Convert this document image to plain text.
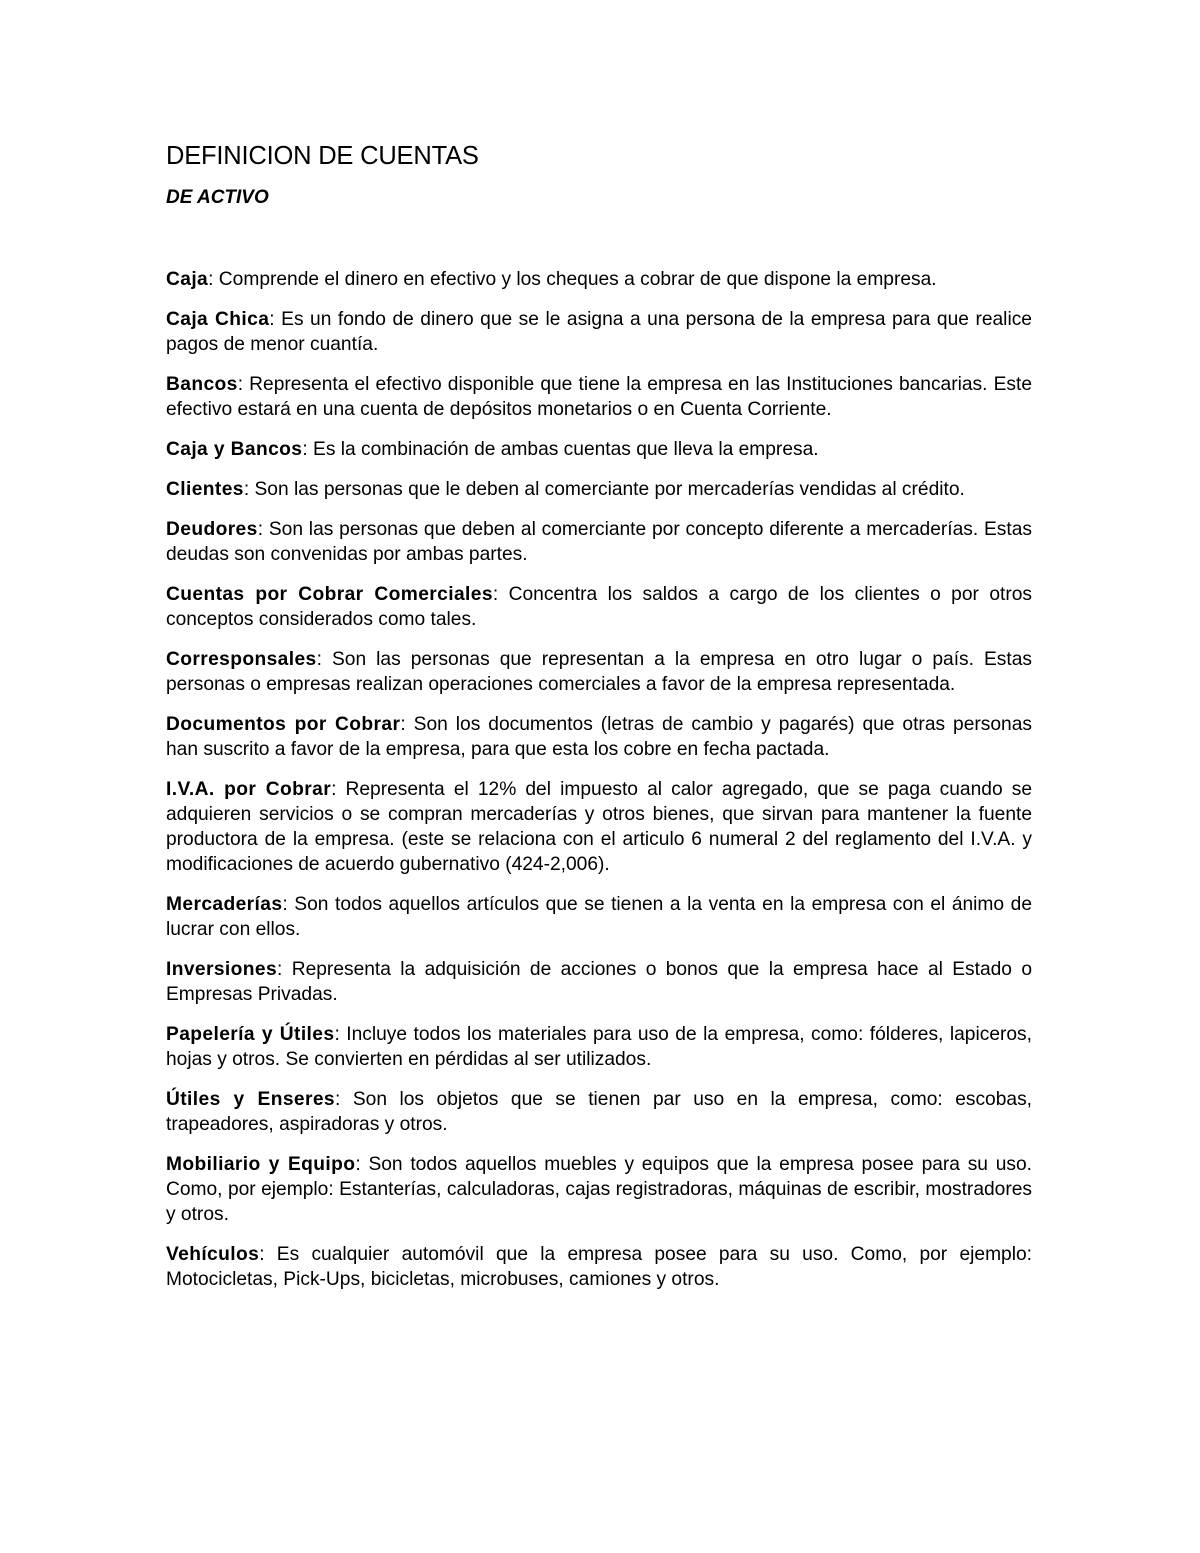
DEFINICION DE CUENTAS
DE ACTIVO

Caja: Comprende el dinero en efectivo y los cheques a cobrar de que dispone la empresa.

Caja Chica: Es un fondo de dinero que se le asigna a una persona de la empresa para que realice pagos de menor cuantía.

Bancos: Representa el efectivo disponible que tiene la empresa en las Instituciones bancarias. Este efectivo estará en una cuenta de depósitos monetarios o en Cuenta Corriente.

Caja y Bancos: Es la combinación de ambas cuentas que lleva la empresa.

Clientes: Son las personas que le deben al comerciante por mercaderías vendidas al crédito.

Deudores: Son las personas que deben al comerciante por concepto diferente a mercaderías. Estas deudas son convenidas por ambas partes.

Cuentas por Cobrar Comerciales: Concentra los saldos a cargo de los clientes o por otros conceptos considerados como tales.

Corresponsales: Son las personas que representan a la empresa en otro lugar o país. Estas personas o empresas realizan operaciones comerciales a favor de la empresa representada.

Documentos por Cobrar: Son los documentos (letras de cambio y pagarés) que otras personas han suscrito a favor de la empresa, para que esta los cobre en fecha pactada.

I.V.A. por Cobrar: Representa el 12% del impuesto al calor agregado, que se paga cuando se adquieren servicios o se compran mercaderías y otros bienes, que sirvan para mantener la fuente productora de la empresa. (este se relaciona con el articulo 6 numeral 2 del reglamento del I.V.A. y modificaciones de acuerdo gubernativo (424-2,006).

Mercaderías: Son todos aquellos artículos que se tienen a la venta en la empresa con el ánimo de lucrar con ellos.

Inversiones: Representa la adquisición de acciones o bonos que la empresa hace al Estado o Empresas Privadas.

Papelería y Útiles: Incluye todos los materiales para uso de la empresa, como: fólderes, lapiceros, hojas y otros. Se convierten en pérdidas al ser utilizados.

Útiles y Enseres: Son los objetos que se tienen par uso en la empresa, como: escobas, trapeadores, aspiradoras y otros.

Mobiliario y Equipo: Son todos aquellos muebles y equipos que la empresa posee para su uso. Como, por ejemplo: Estanterías, calculadoras, cajas registradoras, máquinas de escribir, mostradores y otros.

Vehículos: Es cualquier automóvil que la empresa posee para su uso. Como, por ejemplo: Motocicletas, Pick-Ups, bicicletas, microbuses, camiones y otros.
